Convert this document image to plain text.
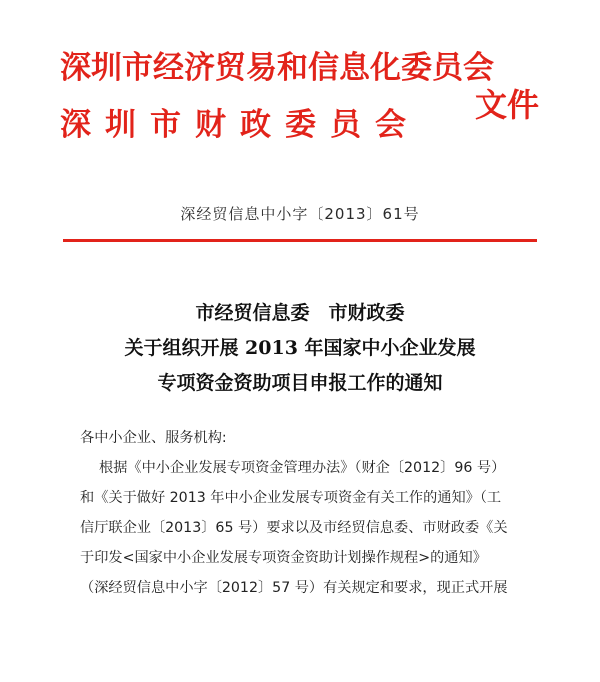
深圳市经济贸易和信息化委员会
深圳市财政委员会
文件
深经贸信息中小字〔2013〕61号
市经贸信息委　市财政委
关于组织开展 2013 年国家中小企业发展
专项资金资助项目申报工作的通知
各中小企业、服务机构:
根据《中小企业发展专项资金管理办法》（财企〔2012〕96 号）
和《关于做好 2013 年中小企业发展专项资金有关工作的通知》（工
信厅联企业〔2013〕65 号）要求以及市经贸信息委、市财政委《关
于印发<国家中小企业发展专项资金资助计划操作规程>的通知》
（深经贸信息中小字〔2012〕57 号）有关规定和要求，现正式开展
